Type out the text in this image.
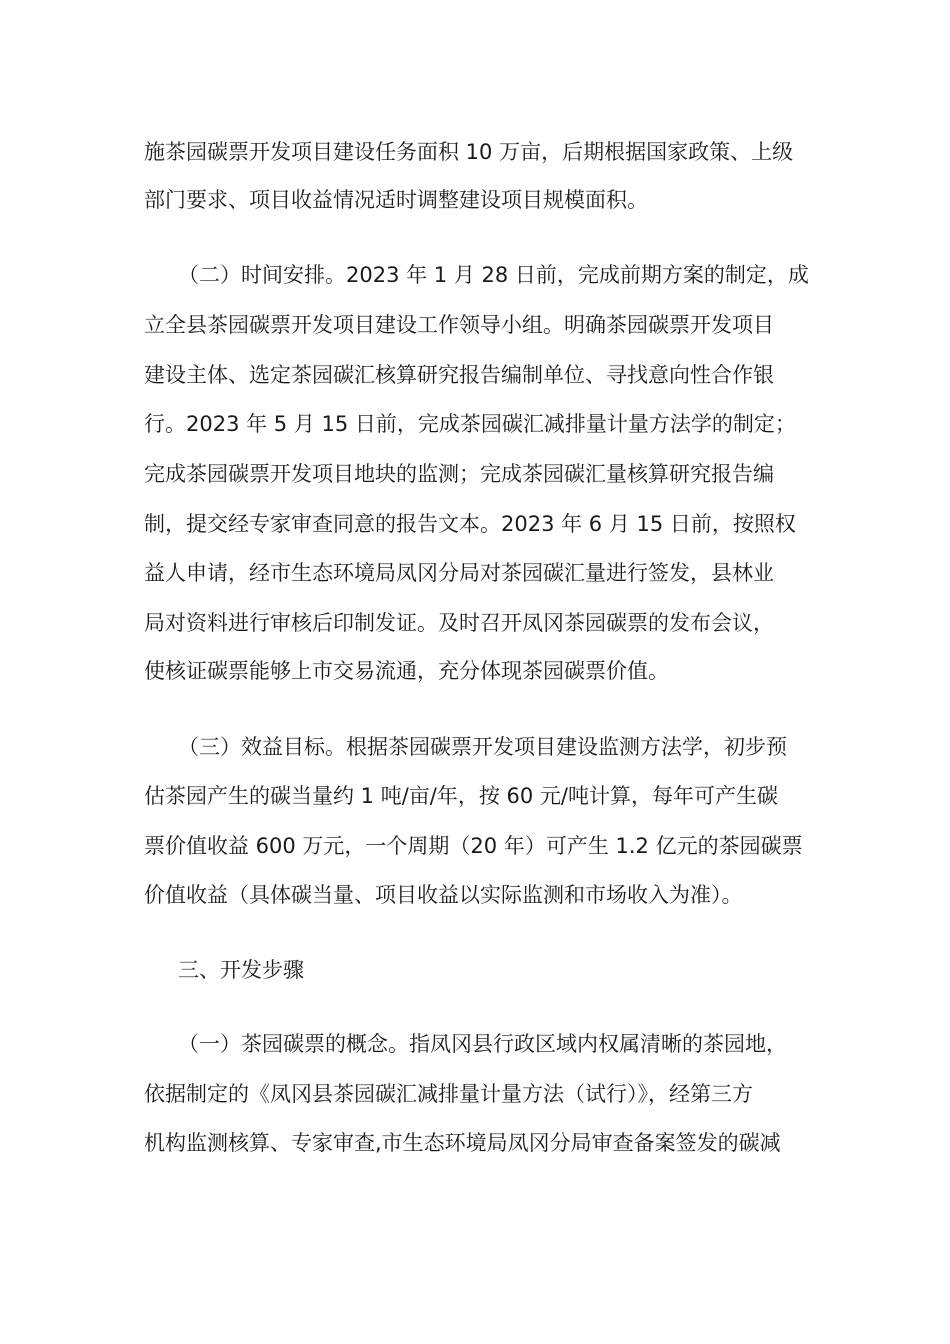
施茶园碳票开发项目建设任务面积 10 万亩，后期根据国家政策、上级
部门要求、项目收益情况适时调整建设项目规模面积。
（二）时间安排。2023 年 1 月 28 日前，完成前期方案的制定，成
立全县茶园碳票开发项目建设工作领导小组。明确茶园碳票开发项目
建设主体、选定茶园碳汇核算研究报告编制单位、寻找意向性合作银
行。2023 年 5 月 15 日前，完成茶园碳汇减排量计量方法学的制定；
完成茶园碳票开发项目地块的监测；完成茶园碳汇量核算研究报告编
制，提交经专家审查同意的报告文本。2023 年 6 月 15 日前，按照权
益人申请，经市生态环境局凤冈分局对茶园碳汇量进行签发，县林业
局对资料进行审核后印制发证。及时召开凤冈茶园碳票的发布会议，
使核证碳票能够上市交易流通，充分体现茶园碳票价值。
（三）效益目标。根据茶园碳票开发项目建设监测方法学，初步预
估茶园产生的碳当量约 1 吨/亩/年，按 60 元/吨计算，每年可产生碳
票价值收益 600 万元，一个周期（20 年）可产生 1.2 亿元的茶园碳票
价值收益（具体碳当量、项目收益以实际监测和市场收入为准）。
三、开发步骤
（一）茶园碳票的概念。指凤冈县行政区域内权属清晰的茶园地，
依据制定的《凤冈县茶园碳汇减排量计量方法（试行）》，经第三方
机构监测核算、专家审查,市生态环境局凤冈分局审查备案签发的碳减
